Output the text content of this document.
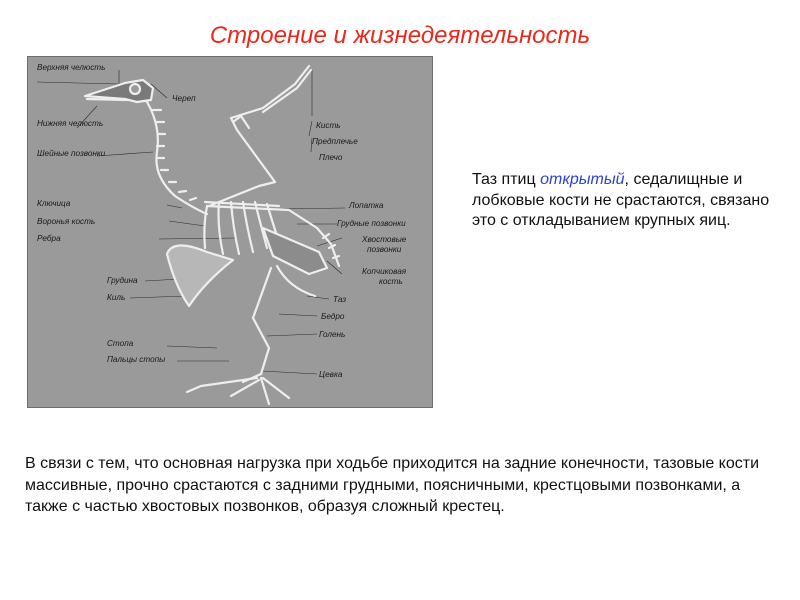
Строение и жизнедеятельность
Верхняя челюсть
Нижняя челюсть
Шейные позвонки
Ключица
Воронья кость
Ребра
Грудина
Киль
Стопа
Пальцы стопы
Череп
Кисть
Предплечье
Плечо
Лопатка
Грудные позвонки
Хвостовые
позвонки
Копчиковая
кость
Таз
Бедро
Голень
Цевка
Таз птиц открытый, седалищные и лобковые кости не срастаются, связано это с откладыванием крупных яиц.
В связи с тем, что основная нагрузка при ходьбе приходится на задние конечности, тазовые кости массивные, прочно срастаются с задними грудными, поясничными, крестцовыми позвонками, а также с частью хвостовых позвонков, образуя сложный крестец.
